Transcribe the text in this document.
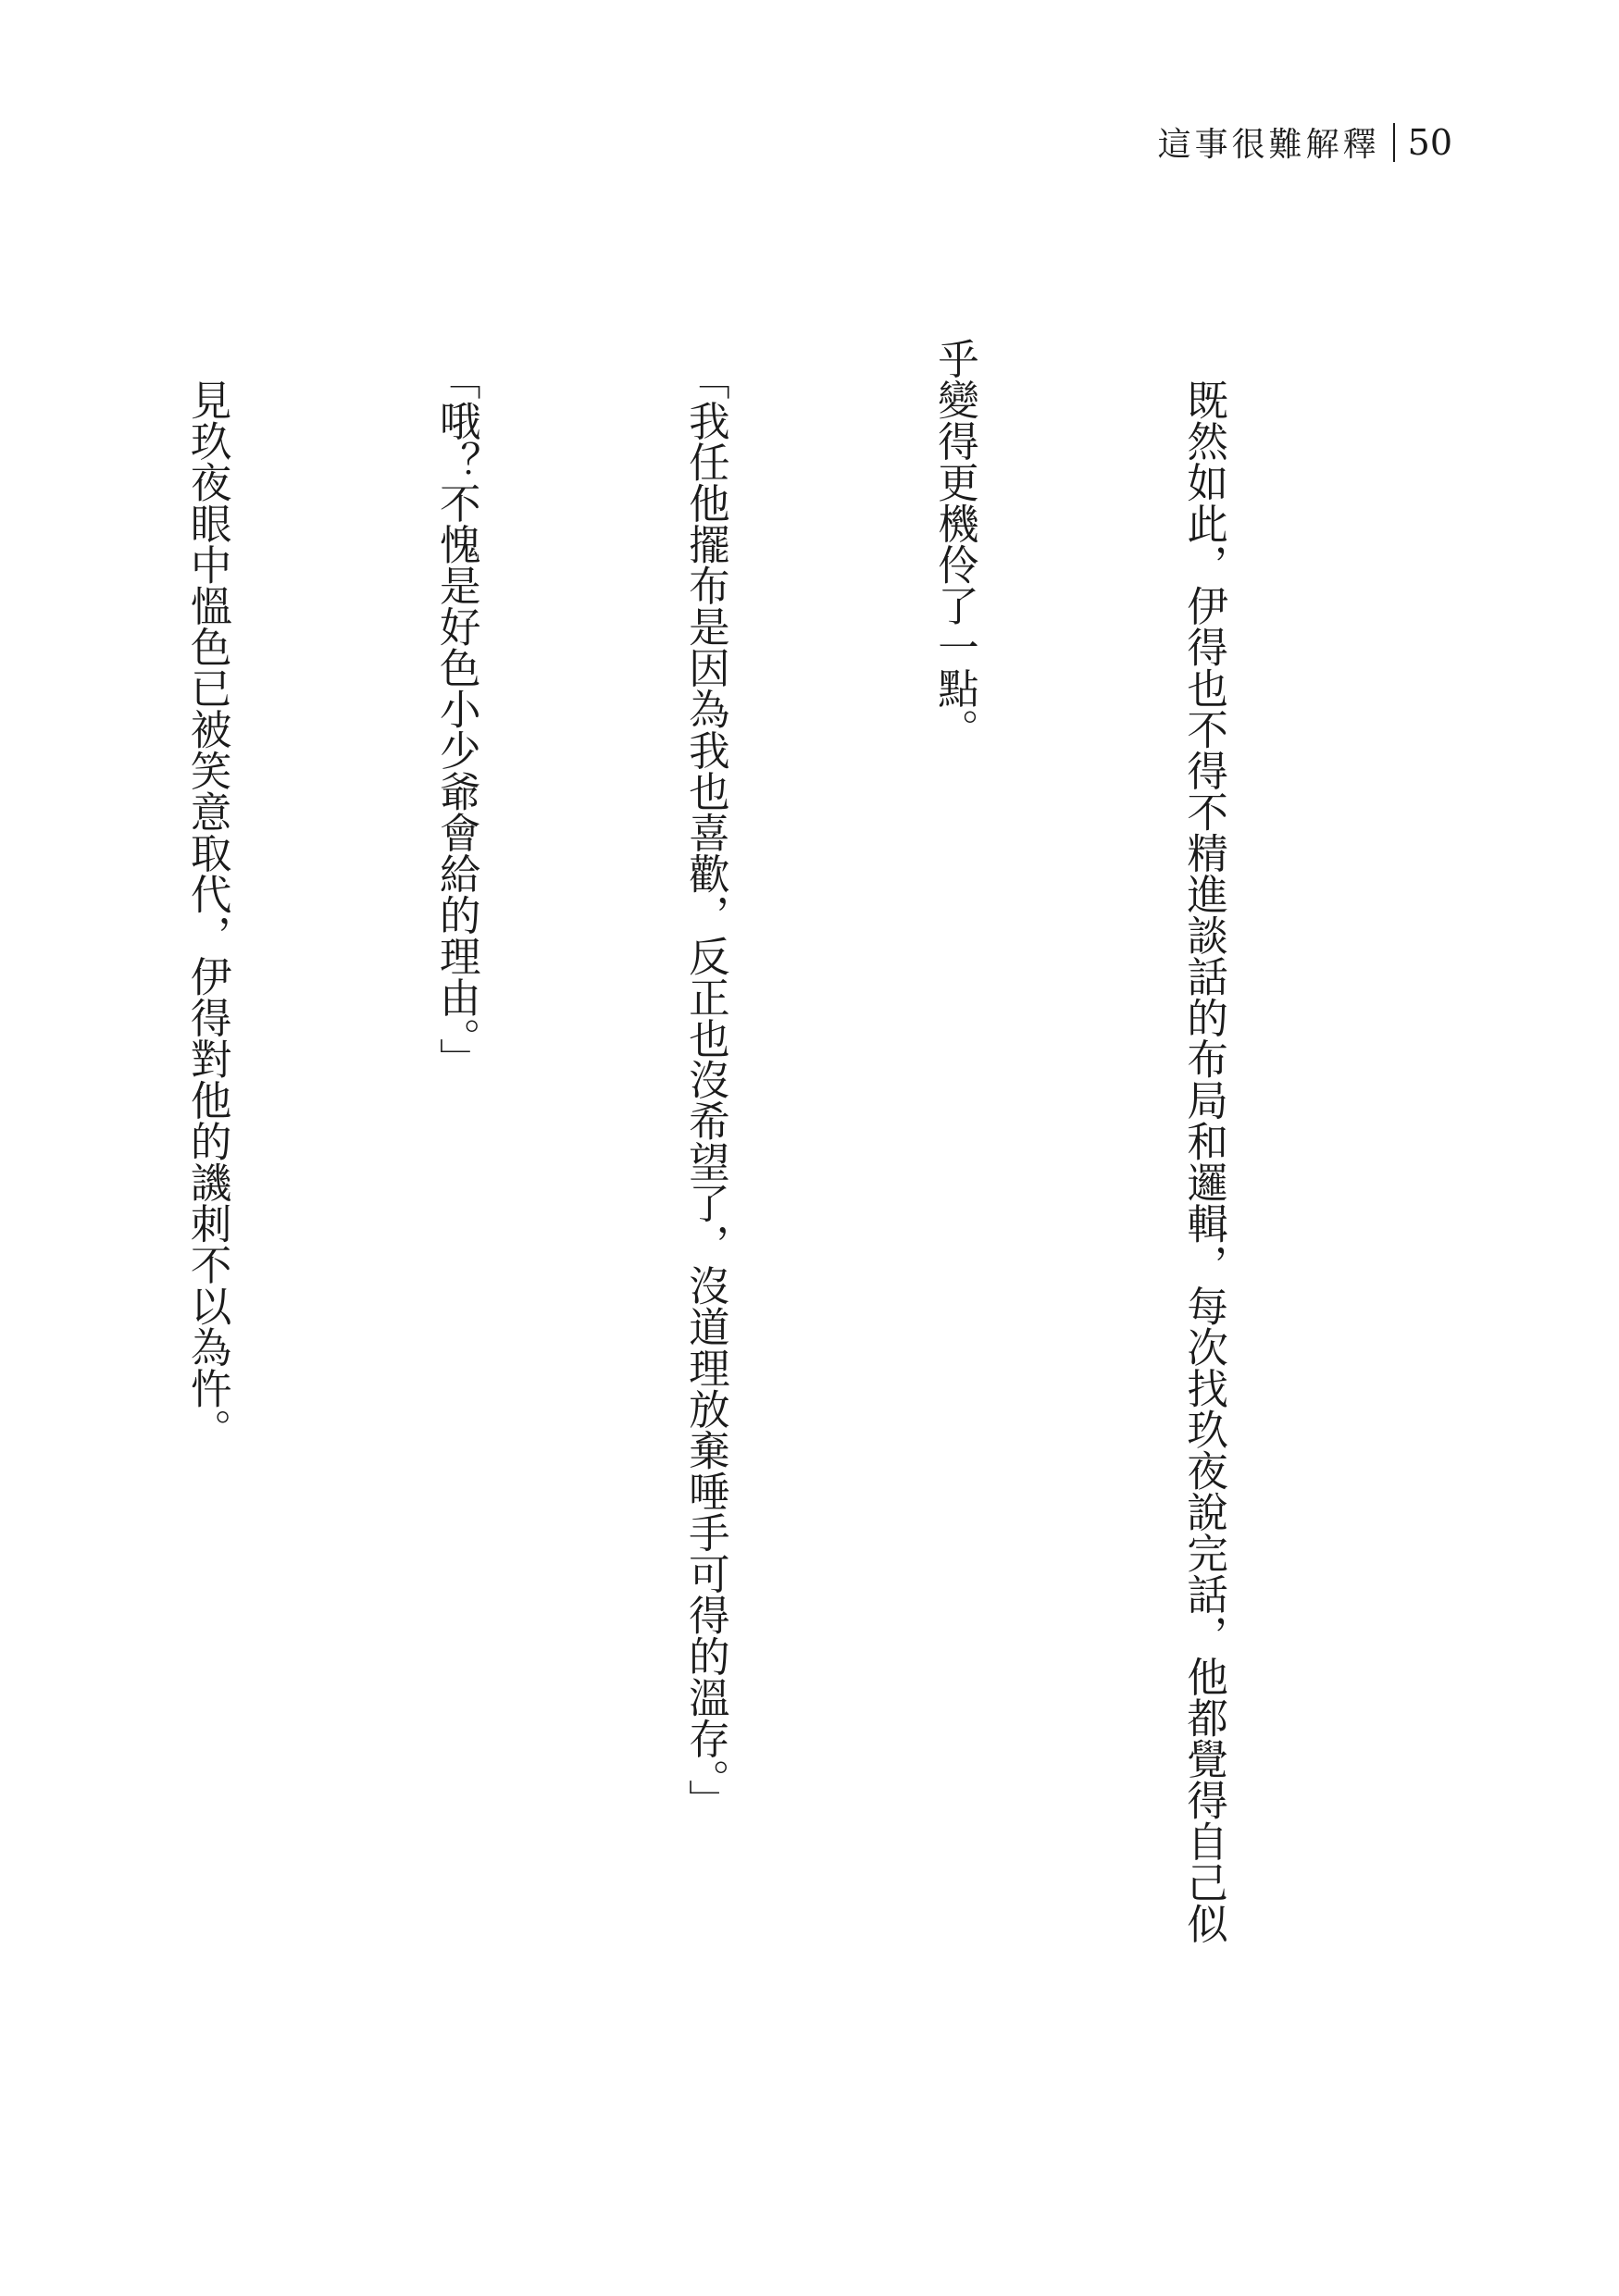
這事很難解釋 50

　既然如此，伊得也不得不精進談話的布局和邏輯，每次找玖夜說完話，他都覺得自己似

乎變得更機伶了一點。

　「我任他擺布是因為我也喜歡，反正也沒希望了，沒道理放棄唾手可得的溫存。」

　「哦？不愧是好色小少爺會給的理由。」

　見玖夜眼中慍色已被笑意取代，伊得對他的譏刺不以為忤。
